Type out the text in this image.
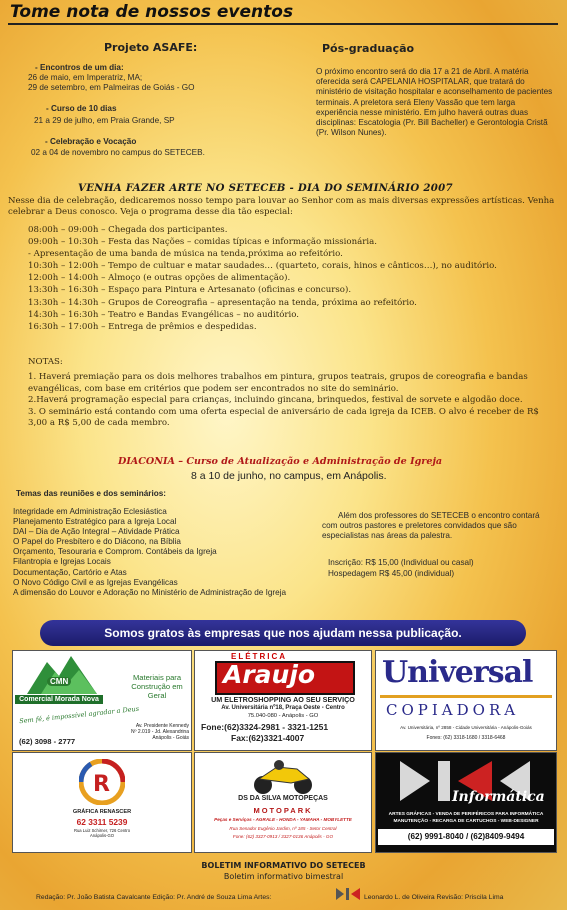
Tome nota de nossos eventos
Projeto ASAFE:
- Encontros de um dia:
26 de maio, em Imperatriz, MA;
29 de setembro, em Palmeiras de Goiás - GO
- Curso de 10 dias
21 a 29 de julho, em Praia Grande, SP
- Celebração e Vocação
02 a 04 de novembro no campus do SETECEB.
Pós-graduação
O próximo encontro será do dia 17 a 21 de Abril. A matéria oferecida será CAPELANIA HOSPITALAR, que tratará do ministério de visitação hospitalar e aconselhamento de pacientes terminais. A preletora será Eleny Vassão que tem larga experiência nesse ministério. Em julho haverá outras duas disciplinas: Escatologia (Pr. Bill Bacheller) e Gerontologia Cristã (Pr. Wilson Nunes).
VENHA FAZER ARTE NO SETECEB - DIA DO SEMINÁRIO 2007
Nesse dia de celebração, dedicaremos nosso tempo para louvar ao Senhor com as mais diversas expressões artísticas. Venha celebrar a Deus conosco. Veja o programa desse dia tão especial:
08:00h – 09:00h – Chegada dos participantes.
09:00h – 10:30h – Festa das Nações – comidas típicas e informação missionária.
- Apresentação de uma banda de música na tenda,próxima ao refeitório.
10:30h – 12:00h – Tempo de cultuar e matar saudades… (quarteto, corais, hinos e cânticos…), no auditório.
12:00h – 14:00h – Almoço (e outras opções de alimentação).
13:30h – 16:30h – Espaço para Pintura e Artesanato (oficinas e concurso).
13:30h – 14:30h – Grupos de Coreografia – apresentação na tenda, próxima ao refeitório.
14:30h – 16:30h – Teatro e Bandas Evangélicas – no auditório.
16:30h – 17:00h – Entrega de prêmios e despedidas.
NOTAS:
1. Haverá premiação para os dois melhores trabalhos em pintura, grupos teatrais, grupos de coreografia e bandas evangélicas, com base em critérios que podem ser encontrados no site do seminário.
2.Haverá programação especial para crianças, incluindo gincana, brinquedos, festival de sorvete e algodão doce.
3. O seminário está contando com uma oferta especial de aniversário de cada igreja da ICEB. O alvo é receber de R$ 3,00 a R$ 5,00 de cada membro.
DIACONIA – Curso de Atualização e Administração de Igreja
8 a 10 de junho, no campus, em Anápolis.
Temas das reuniões e dos seminários:
Integridade em Administração Eclesiástica
Planejamento Estratégico para a Igreja Local
DAI – Dia de Ação Integral – Atividade Prática
O Papel do Presbítero e do Diácono, na Bíblia
Orçamento, Tesouraria e Comprom. Contábeis da Igreja
Filantropia e Igrejas Locais
Documentação, Cartório e Atas
O Novo Código Civil e as Igrejas Evangélicas
A dimensão do Louvor e Adoração no Ministério de Administração de Igreja
Além dos professores do SETECEB o encontro contará com outros pastores e preletores convidados que são especialistas nas áreas da palestra.
Inscrição: R$ 15,00 (Individual ou casal)
Hospedagem R$ 45,00 (individual)
Somos gratos às empresas que nos ajudam nessa publicação.
CMN	Materiais para Construção em Geral
Comercial Morada Nova
Sem fé, é impossível agradar a Deus
Av. Presidente Kennedy
Nº 2.019 - Jd. Alexandrina
Anápolis - Goiás
(62) 3098 - 2777
ELÉTRICA
Araujo
UM ELETROSHOPPING AO SEU SERVIÇO
Av. Universitária nº18, Praça Oeste - Centro
75.040-080 - Anápolis - GO
Fone:(62)3324-2981 - 3321-1251
Fax:(62)3321-4007
Universal
COPIADORA
Av. Universitária, nº 2858 - Cidade Universitária - Anápolis-Goiás
Fones: (62) 3318-1680 / 3318-6468
R
GRÁFICA RENASCER
62 3311 5239
Rua Luiz Schirner, 726 Centro
Anápolis-GO
DS DA SILVA MOTOPEÇAS
MOTOPARK
Peças e Serviços - AGRALE - HONDA - YAMAHA - MOBYLETTE
Rua Senador Eugênio Jardim, nº 185 - Setor Central
Fone: (62) 3327-0913 / 3327-0136 Anápolis - GO
Informática
ARTES GRÁFICAS - VENDA DE PERIFÉRICOS PARA INFORMÁTICA
MANUTENÇÃO - RECARGA DE CARTUCHOS - WEB-DESIGNER
(62) 9991-8040 / (62)8409-9494
BOLETIM INFORMATIVO DO SETECEB
Boletim informativo bimestral
Redação: Pr. João Batista Cavalcante Edição: Pr. André de Souza Lima Artes:	Leonardo L. de Oliveira Revisão: Priscila Lima
